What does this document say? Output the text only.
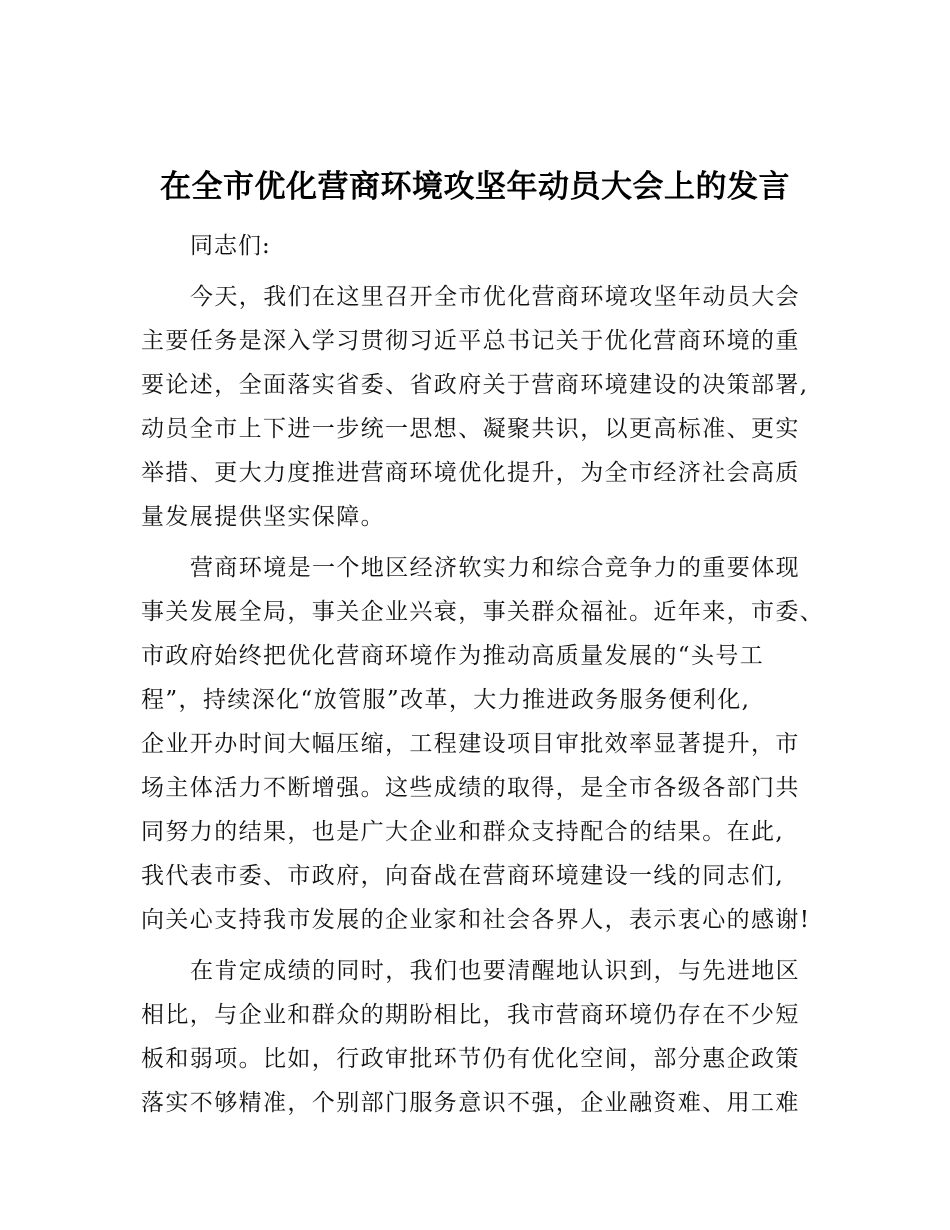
在全市优化营商环境攻坚年动员大会上的发言
同志们:
今天，我们在这里召开全市优化营商环境攻坚年动员大会
主要任务是深入学习贯彻习近平总书记关于优化营商环境的重
要论述，全面落实省委、省政府关于营商环境建设的决策部署,
动员全市上下进一步统一思想、凝聚共识，以更高标准、更实
举措、更大力度推进营商环境优化提升，为全市经济社会高质
量发展提供坚实保障。
营商环境是一个地区经济软实力和综合竞争力的重要体现
事关发展全局，事关企业兴衰，事关群众福祉。近年来，市委、
市政府始终把优化营商环境作为推动高质量发展的“头号工
程”，持续深化“放管服”改革，大力推进政务服务便利化,
企业开办时间大幅压缩，工程建设项目审批效率显著提升，市
场主体活力不断增强。这些成绩的取得，是全市各级各部门共
同努力的结果，也是广大企业和群众支持配合的结果。在此,
我代表市委、市政府，向奋战在营商环境建设一线的同志们,
向关心支持我市发展的企业家和社会各界人，表示衷心的感谢!
在肯定成绩的同时，我们也要清醒地认识到，与先进地区
相比，与企业和群众的期盼相比，我市营商环境仍存在不少短
板和弱项。比如，行政审批环节仍有优化空间，部分惠企政策
落实不够精准，个别部门服务意识不强，企业融资难、用工难
